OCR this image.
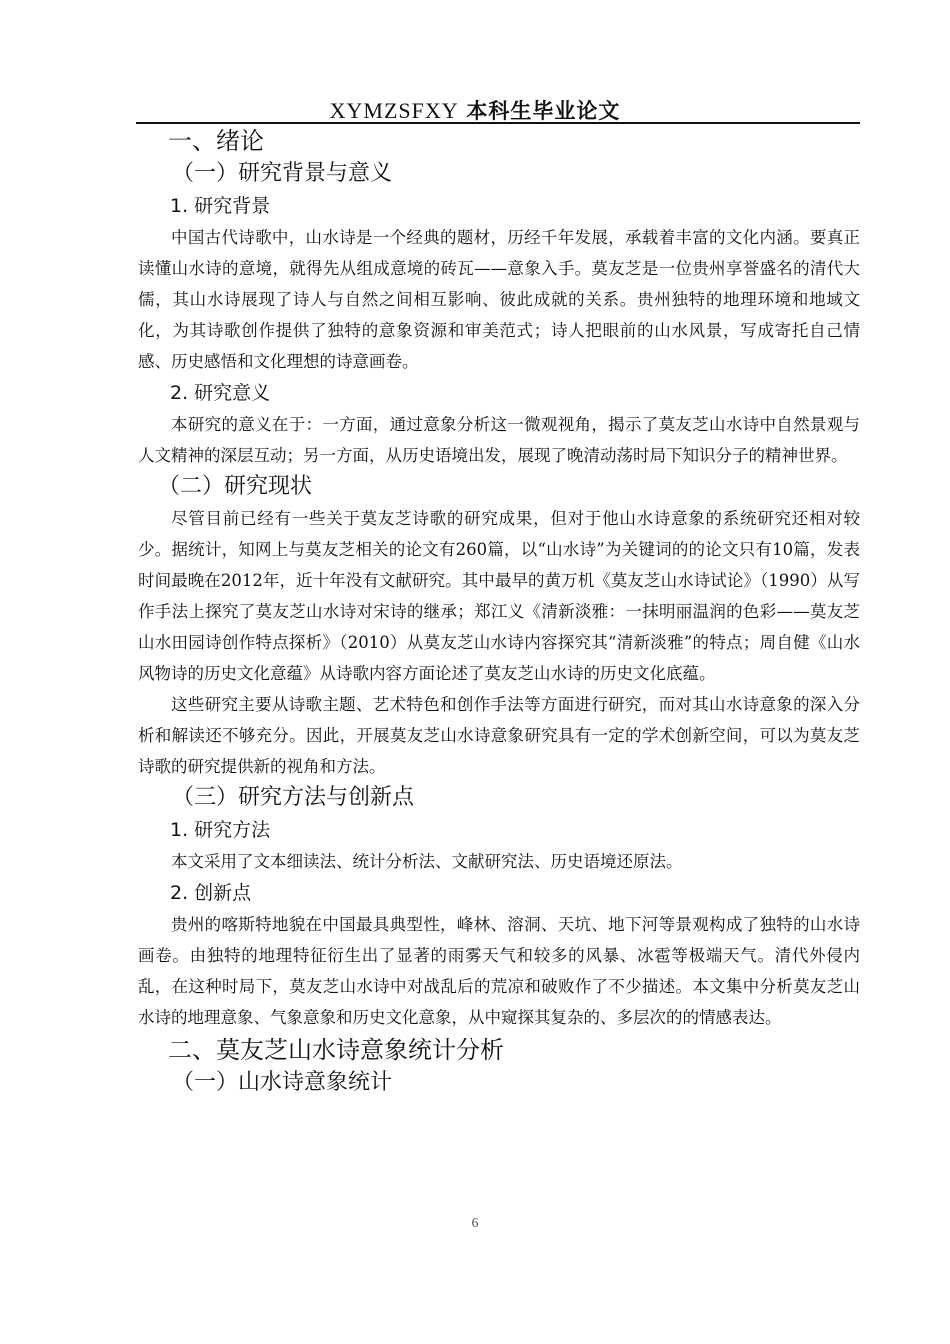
XYMZSFXY 本科生毕业论文
一、绪论
（一）研究背景与意义
1. 研究背景

中国古代诗歌中，山水诗是一个经典的题材，历经千年发展，承载着丰富的文化内涵。要真正读懂山水诗的意境，就得先从组成意境的砖瓦——意象入手。莫友芝是一位贵州享誉盛名的清代大儒，其山水诗展现了诗人与自然之间相互影响、彼此成就的关系。贵州独特的地理环境和地域文化，为其诗歌创作提供了独特的意象资源和审美范式；诗人把眼前的山水风景，写成寄托自己情感、历史感悟和文化理想的诗意画卷。

2. 研究意义

本研究的意义在于：一方面，通过意象分析这一微观视角，揭示了莫友芝山水诗中自然景观与人文精神的深层互动；另一方面，从历史语境出发，展现了晚清动荡时局下知识分子的精神世界。

（二）研究现状

尽管目前已经有一些关于莫友芝诗歌的研究成果，但对于他山水诗意象的系统研究还相对较少。据统计，知网上与莫友芝相关的论文有260篇，以“山水诗”为关键词的的论文只有10篇，发表时间最晚在2012年，近十年没有文献研究。其中最早的黄万机《莫友芝山水诗试论》（1990）从写作手法上探究了莫友芝山水诗对宋诗的继承；郑江义《清新淡雅：一抹明丽温润的色彩——莫友芝山水田园诗创作特点探析》（2010）从莫友芝山水诗内容探究其“清新淡雅”的特点；周自健《山水风物诗的历史文化意蕴》从诗歌内容方面论述了莫友芝山水诗的历史文化底蕴。

这些研究主要从诗歌主题、艺术特色和创作手法等方面进行研究，而对其山水诗意象的深入分析和解读还不够充分。因此，开展莫友芝山水诗意象研究具有一定的学术创新空间，可以为莫友芝诗歌的研究提供新的视角和方法。

（三）研究方法与创新点
1. 研究方法

本文采用了文本细读法、统计分析法、文献研究法、历史语境还原法。

2. 创新点

贵州的喀斯特地貌在中国最具典型性，峰林、溶洞、天坑、地下河等景观构成了独特的山水诗画卷。由独特的地理特征衍生出了显著的雨雾天气和较多的风暴、冰雹等极端天气。清代外侵内乱，在这种时局下，莫友芝山水诗中对战乱后的荒凉和破败作了不少描述。本文集中分析莫友芝山水诗的地理意象、气象意象和历史文化意象，从中窥探其复杂的、多层次的的情感表达。

二、莫友芝山水诗意象统计分析
（一）山水诗意象统计
6
